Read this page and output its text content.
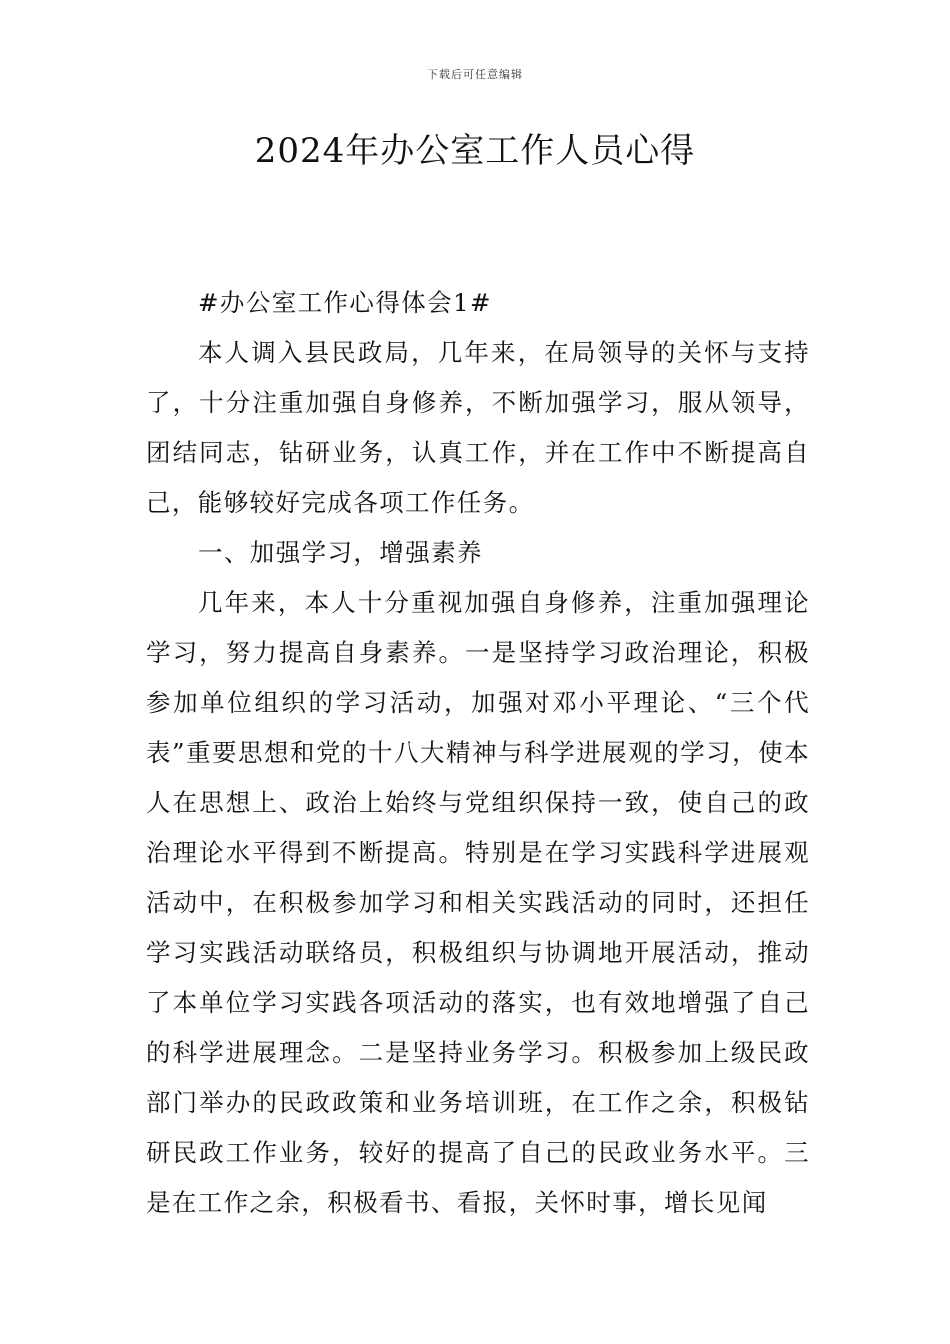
下载后可任意编辑
2024年办公室工作人员心得

#办公室工作心得体会1#

本人调入县民政局，几年来，在局领导的关怀与支持了，十分注重加强自身修养，不断加强学习，服从领导，团结同志，钻研业务，认真工作，并在工作中不断提高自己，能够较好完成各项工作任务。

一、加强学习，增强素养

几年来，本人十分重视加强自身修养，注重加强理论学习，努力提高自身素养。一是坚持学习政治理论，积极参加单位组织的学习活动，加强对邓小平理论、“三个代表”重要思想和党的十八大精神与科学进展观的学习，使本人在思想上、政治上始终与党组织保持一致，使自己的政治理论水平得到不断提高。特别是在学习实践科学进展观活动中，在积极参加学习和相关实践活动的同时，还担任学习实践活动联络员，积极组织与协调地开展活动，推动了本单位学习实践各项活动的落实，也有效地增强了自己的科学进展理念。二是坚持业务学习。积极参加上级民政部门举办的民政政策和业务培训班，在工作之余，积极钻研民政工作业务，较好的提高了自己的民政业务水平。三是在工作之余，积极看书、看报，关怀时事，增长见闻
